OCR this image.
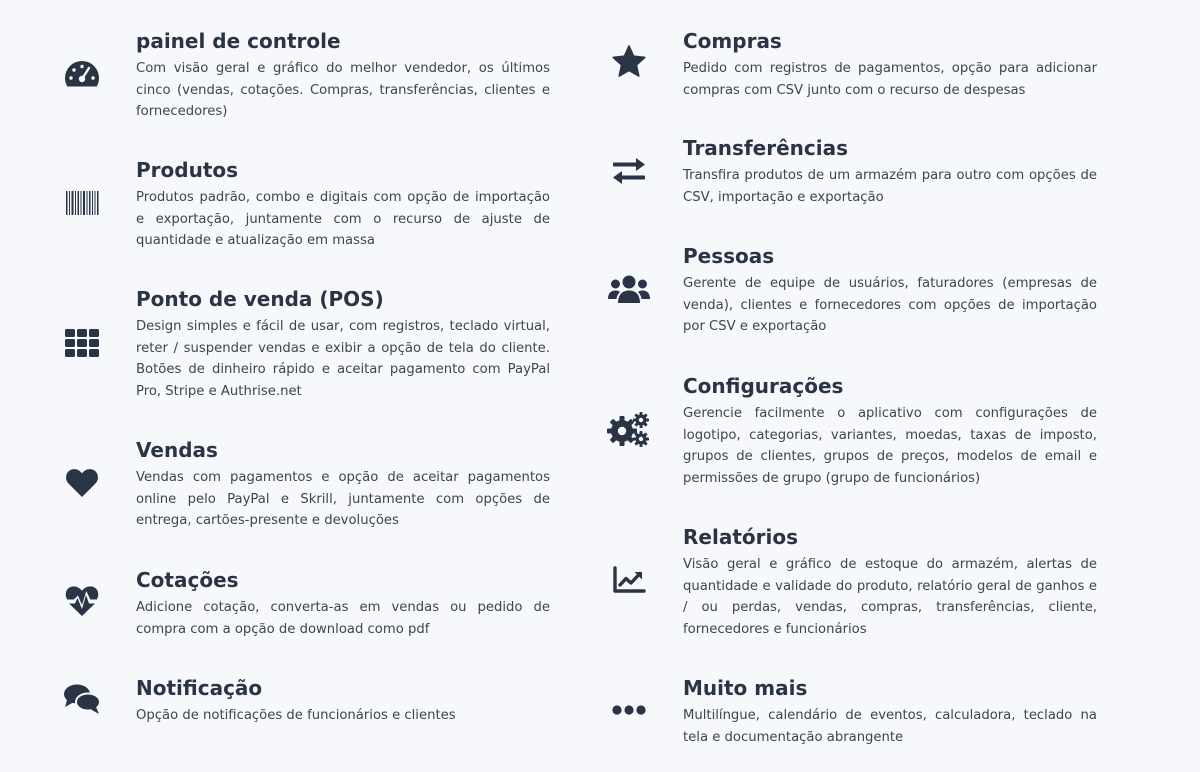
painel de controle

Com visão geral e gráfico do melhor vendedor, os últimos cinco (vendas, cotações. Compras, transferências, clientes e fornecedores)

Produtos

Produtos padrão, combo e digitais com opção de importação e exportação, juntamente com o recurso de ajuste de quantidade e atualização em massa

Ponto de venda (POS)

Design simples e fácil de usar, com registros, teclado virtual, reter / suspender vendas e exibir a opção de tela do cliente. Botões de dinheiro rápido e aceitar pagamento com PayPal Pro, Stripe e Authrise.net

Vendas

Vendas com pagamentos e opção de aceitar pagamentos online pelo PayPal e Skrill, juntamente com opções de entrega, cartões-presente e devoluções

Cotações

Adicione cotação, converta-as em vendas ou pedido de compra com a opção de download como pdf

Notificação

Opção de notificações de funcionários e clientes

Compras

Pedido com registros de pagamentos, opção para adicionar compras com CSV junto com o recurso de despesas

Transferências

Transfira produtos de um armazém para outro com opções de CSV, importação e exportação

Pessoas

Gerente de equipe de usuários, faturadores (empresas de venda), clientes e fornecedores com opções de importação por CSV e exportação

Configurações

Gerencie facilmente o aplicativo com configurações de logotipo, categorias, variantes, moedas, taxas de imposto, grupos de clientes, grupos de preços, modelos de email e permissões de grupo (grupo de funcionários)

Relatórios

Visão geral e gráfico de estoque do armazém, alertas de quantidade e validade do produto, relatório geral de ganhos e / ou perdas, vendas, compras, transferências, cliente, fornecedores e funcionários

Muito mais

Multilíngue, calendário de eventos, calculadora, teclado na tela e documentação abrangente
